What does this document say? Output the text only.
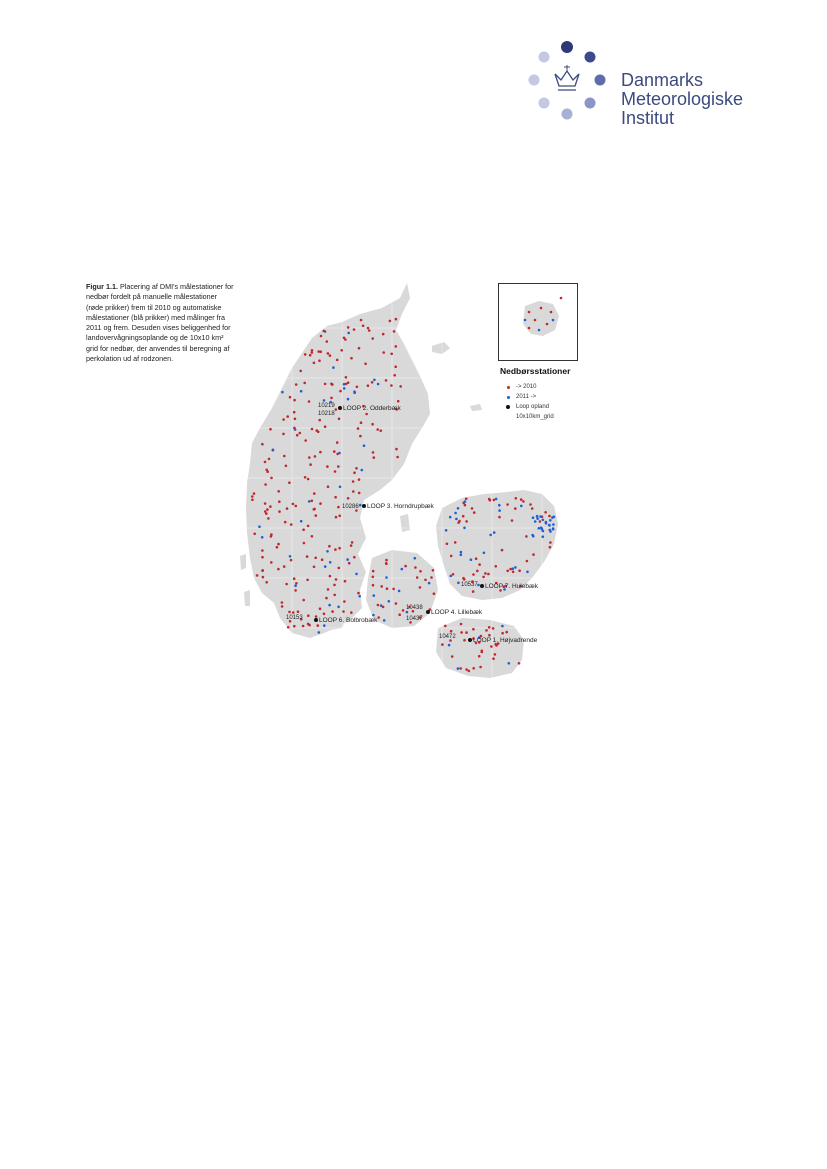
Danmarks
Meteorologiske
Institut
Figur 1.1. Placering af DMI's målestationer for nedbør fordelt på manuelle målestationer (røde prikker) frem til 2010 og automatiske målestationer (blå prikker) med målinger fra 2011 og frem. Desuden vises beliggenhed for landovervågningsoplande og de 10x10 km² grid for nedbør, der anvendes til beregning af perkolation ud af rodzonen.
LOOP 2. Odderbæk
10219
10218
LOOP 3. Horndrupbæk
10286
LOOP 7. Hulebæk
10537
LOOP 4. Lillebæk
10438
10437
LOOP 6. Bolbrobæk
10153
LOOP 1. Højvadrende
10472
Nedbørsstationer
-> 2010
2011 ->
Loop opland
10x10km_grid
